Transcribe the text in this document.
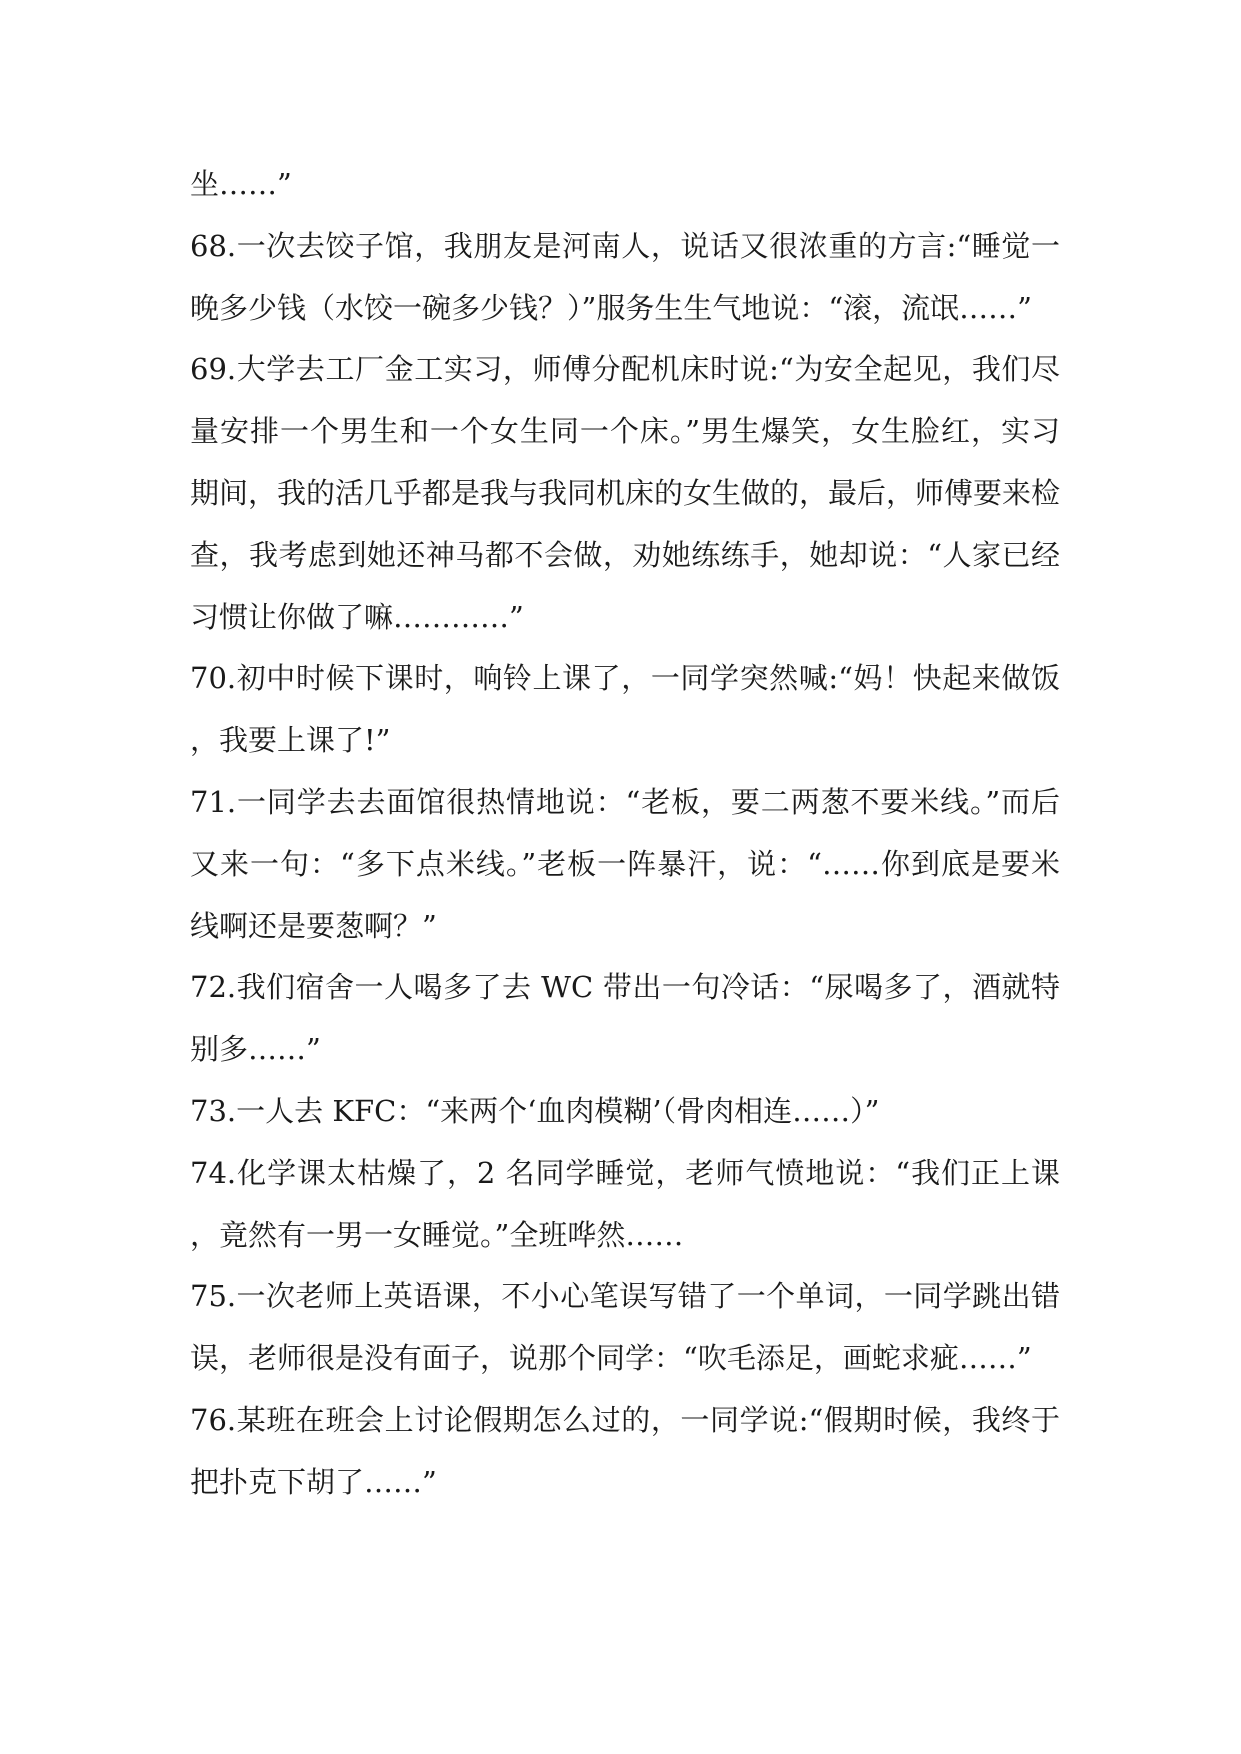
坐……”

68.一次去饺子馆，我朋友是河南人，说话又很浓重的方言:“睡觉一晚多少钱（水饺一碗多少钱？）”服务生生气地说：“滚，流氓……”

69.大学去工厂金工实习，师傅分配机床时说:“为安全起见，我们尽量安排一个男生和一个女生同一个床。”男生爆笑，女生脸红，实习期间，我的活几乎都是我与我同机床的女生做的，最后，师傅要来检查，我考虑到她还神马都不会做，劝她练练手，她却说：“人家已经习惯让你做了嘛…………”

70.初中时候下课时，响铃上课了，一同学突然喊:“妈！快起来做饭，我要上课了!”

71.一同学去去面馆很热情地说：“老板，要二两葱不要米线。”而后又来一句：“多下点米线。”老板一阵暴汗，说：“……你到底是要米线啊还是要葱啊？”

72.我们宿舍一人喝多了去 WC 带出一句冷话：“尿喝多了，酒就特别多……”

73.一人去 KFC：“来两个‘血肉模糊’（骨肉相连……）”

74.化学课太枯燥了，2 名同学睡觉，老师气愤地说：“我们正上课，竟然有一男一女睡觉。”全班哗然……

75.一次老师上英语课，不小心笔误写错了一个单词，一同学跳出错误，老师很是没有面子，说那个同学：“吹毛添足，画蛇求疵……”

76.某班在班会上讨论假期怎么过的，一同学说:“假期时候，我终于把扑克下胡了……”
